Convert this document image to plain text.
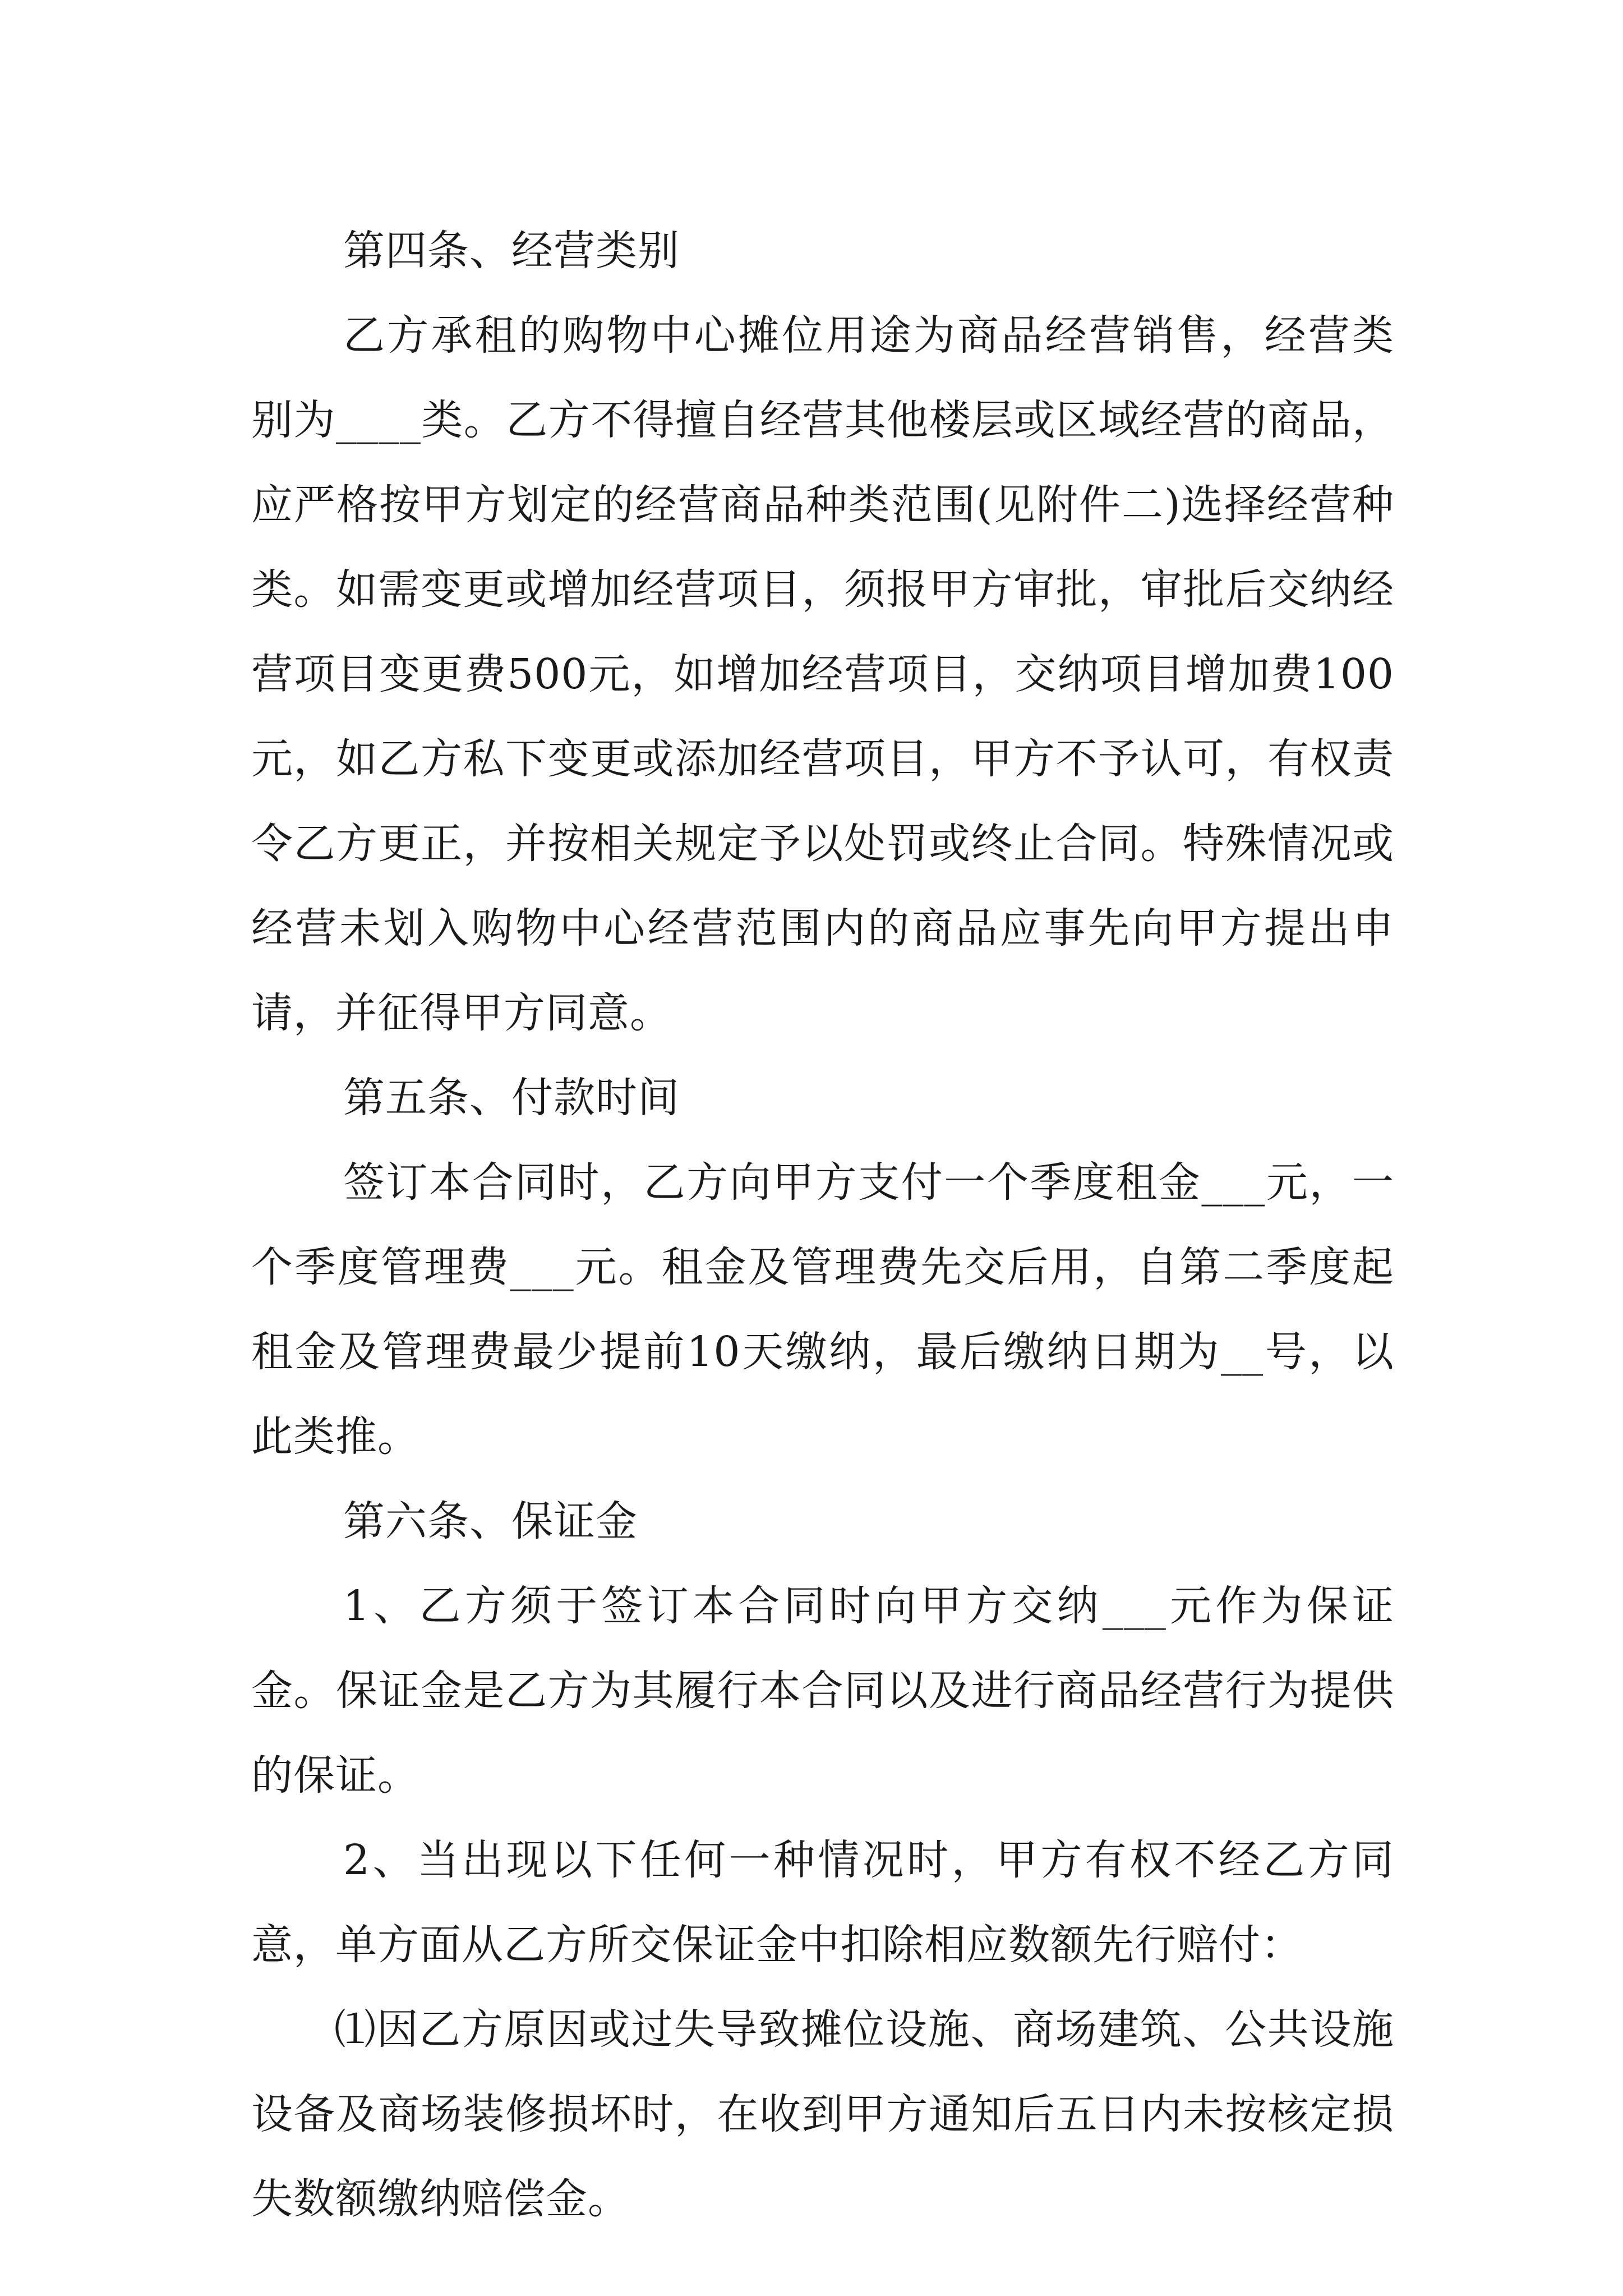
第四条、经营类别

乙方承租的购物中心摊位用途为商品经营销售，经营类别为____类。乙方不得擅自经营其他楼层或区域经营的商品，应严格按甲方划定的经营商品种类范围(见附件二)选择经营种类。如需变更或增加经营项目，须报甲方审批，审批后交纳经营项目变更费500元，如增加经营项目，交纳项目增加费100元，如乙方私下变更或添加经营项目，甲方不予认可，有权责令乙方更正，并按相关规定予以处罚或终止合同。特殊情况或经营未划入购物中心经营范围内的商品应事先向甲方提出申请，并征得甲方同意。

第五条、付款时间

签订本合同时，乙方向甲方支付一个季度租金___元，一个季度管理费___元。租金及管理费先交后用，自第二季度起租金及管理费最少提前10天缴纳，最后缴纳日期为__号，以此类推。

第六条、保证金

1、乙方须于签订本合同时向甲方交纳___元作为保证金。保证金是乙方为其履行本合同以及进行商品经营行为提供的保证。

2、当出现以下任何一种情况时，甲方有权不经乙方同意，单方面从乙方所交保证金中扣除相应数额先行赔付：

⑴因乙方原因或过失导致摊位设施、商场建筑、公共设施设备及商场装修损坏时，在收到甲方通知后五日内未按核定损失数额缴纳赔偿金。
